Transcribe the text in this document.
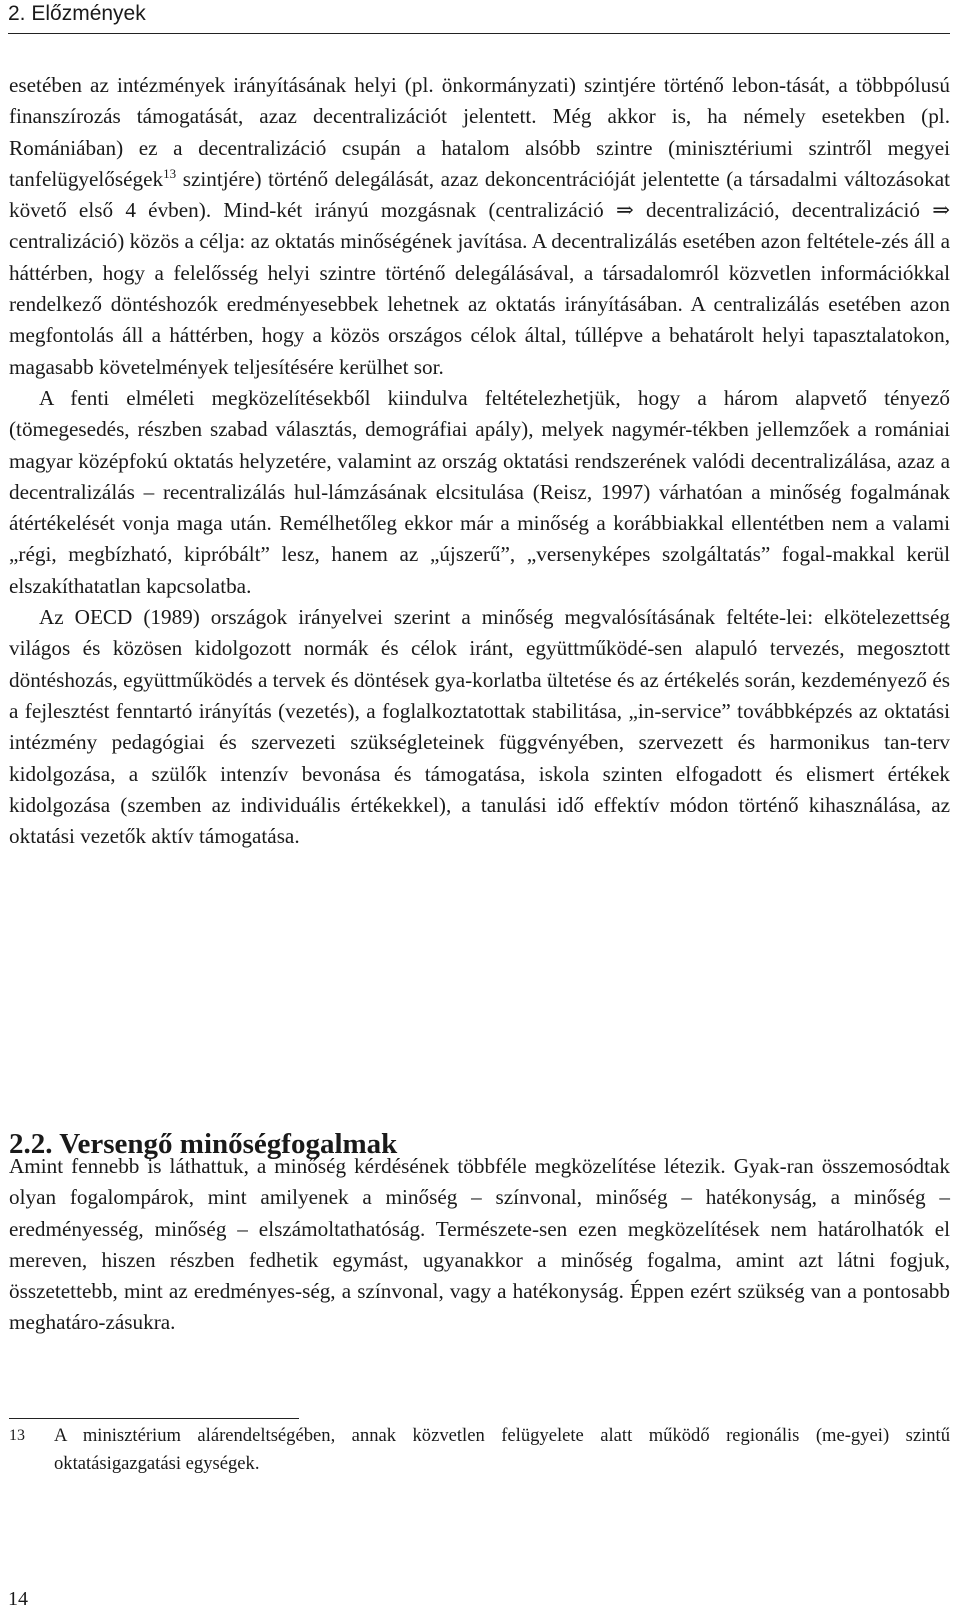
2. Előzmények

esetében az intézmények irányításának helyi (pl. önkormányzati) szintjére történő lebon-tását, a többpólusú finanszírozás támogatását, azaz decentralizációt jelentett. Még akkor is, ha némely esetekben (pl. Romániában) ez a decentralizáció csupán a hatalom alsóbb szintre (minisztériumi szintről megyei tanfelügyelőségek$^{13}$ szintjére) történő delegálását, azaz dekoncentrációját jelentette (a társadalmi változásokat követő első 4 évben). Mind-két irányú mozgásnak (centralizáció ⇒ decentralizáció, decentralizáció ⇒ centralizáció) közös a célja: az oktatás minőségének javítása. A decentralizálás esetében azon feltétele-zés áll a háttérben, hogy a felelősség helyi szintre történő delegálásával, a társadalomról közvetlen információkkal rendelkező döntéshozók eredményesebbek lehetnek az oktatás irányításában. A centralizálás esetében azon megfontolás áll a háttérben, hogy a közös országos célok által, túllépve a behatárolt helyi tapasztalatokon, magasabb követelmények teljesítésére kerülhet sor.

A fenti elméleti megközelítésekből kiindulva feltételezhetjük, hogy a három alapvető tényező (tömegesedés, részben szabad választás, demográfiai apály), melyek nagymér-tékben jellemzőek a romániai magyar középfokú oktatás helyzetére, valamint az ország oktatási rendszerének valódi decentralizálása, azaz a decentralizálás – recentralizálás hul-lámzásának elcsitulása (Reisz, 1997) várhatóan a minőség fogalmának átértékelését vonja maga után. Remélhetőleg ekkor már a minőség a korábbiakkal ellentétben nem a valami „régi, megbízható, kipróbált” lesz, hanem az „újszerű”, „versenyképes szolgáltatás” fogal-makkal kerül elszakíthatatlan kapcsolatba.

Az OECD (1989) országok irányelvei szerint a minőség megvalósításának feltéte-lei: elkötelezettség világos és közösen kidolgozott normák és célok iránt, együttműködé-sen alapuló tervezés, megosztott döntéshozás, együttműködés a tervek és döntések gya-korlatba ültetése és az értékelés során, kezdeményező és a fejlesztést fenntartó irányítás (vezetés), a foglalkoztatottak stabilitása, „in-service” továbbképzés az oktatási intézmény pedagógiai és szervezeti szükségleteinek függvényében, szervezett és harmonikus tan-terv kidolgozása, a szülők intenzív bevonása és támogatása, iskola szinten elfogadott és elismert értékek kidolgozása (szemben az individuális értékekkel), a tanulási idő effektív módon történő kihasználása, az oktatási vezetők aktív támogatása.

2.2. Versengő minőségfogalmak

Amint fennebb is láthattuk, a minőség kérdésének többféle megközelítése létezik. Gyak-ran összemosódtak olyan fogalompárok, mint amilyenek a minőség – színvonal, minőség – hatékonyság, a minőség – eredményesség, minőség – elszámoltathatóság. Természete-sen ezen megközelítések nem határolhatók el mereven, hiszen részben fedhetik egymást, ugyanakkor a minőség fogalma, amint azt látni fogjuk, összetettebb, mint az eredményes-ség, a színvonal, vagy a hatékonyság. Éppen ezért szükség van a pontosabb meghatáro-zásukra.

13 A minisztérium alárendeltségében, annak közvetlen felügyelete alatt működő regionális (me-gyei) szintű oktatásigazgatási egységek.
14
